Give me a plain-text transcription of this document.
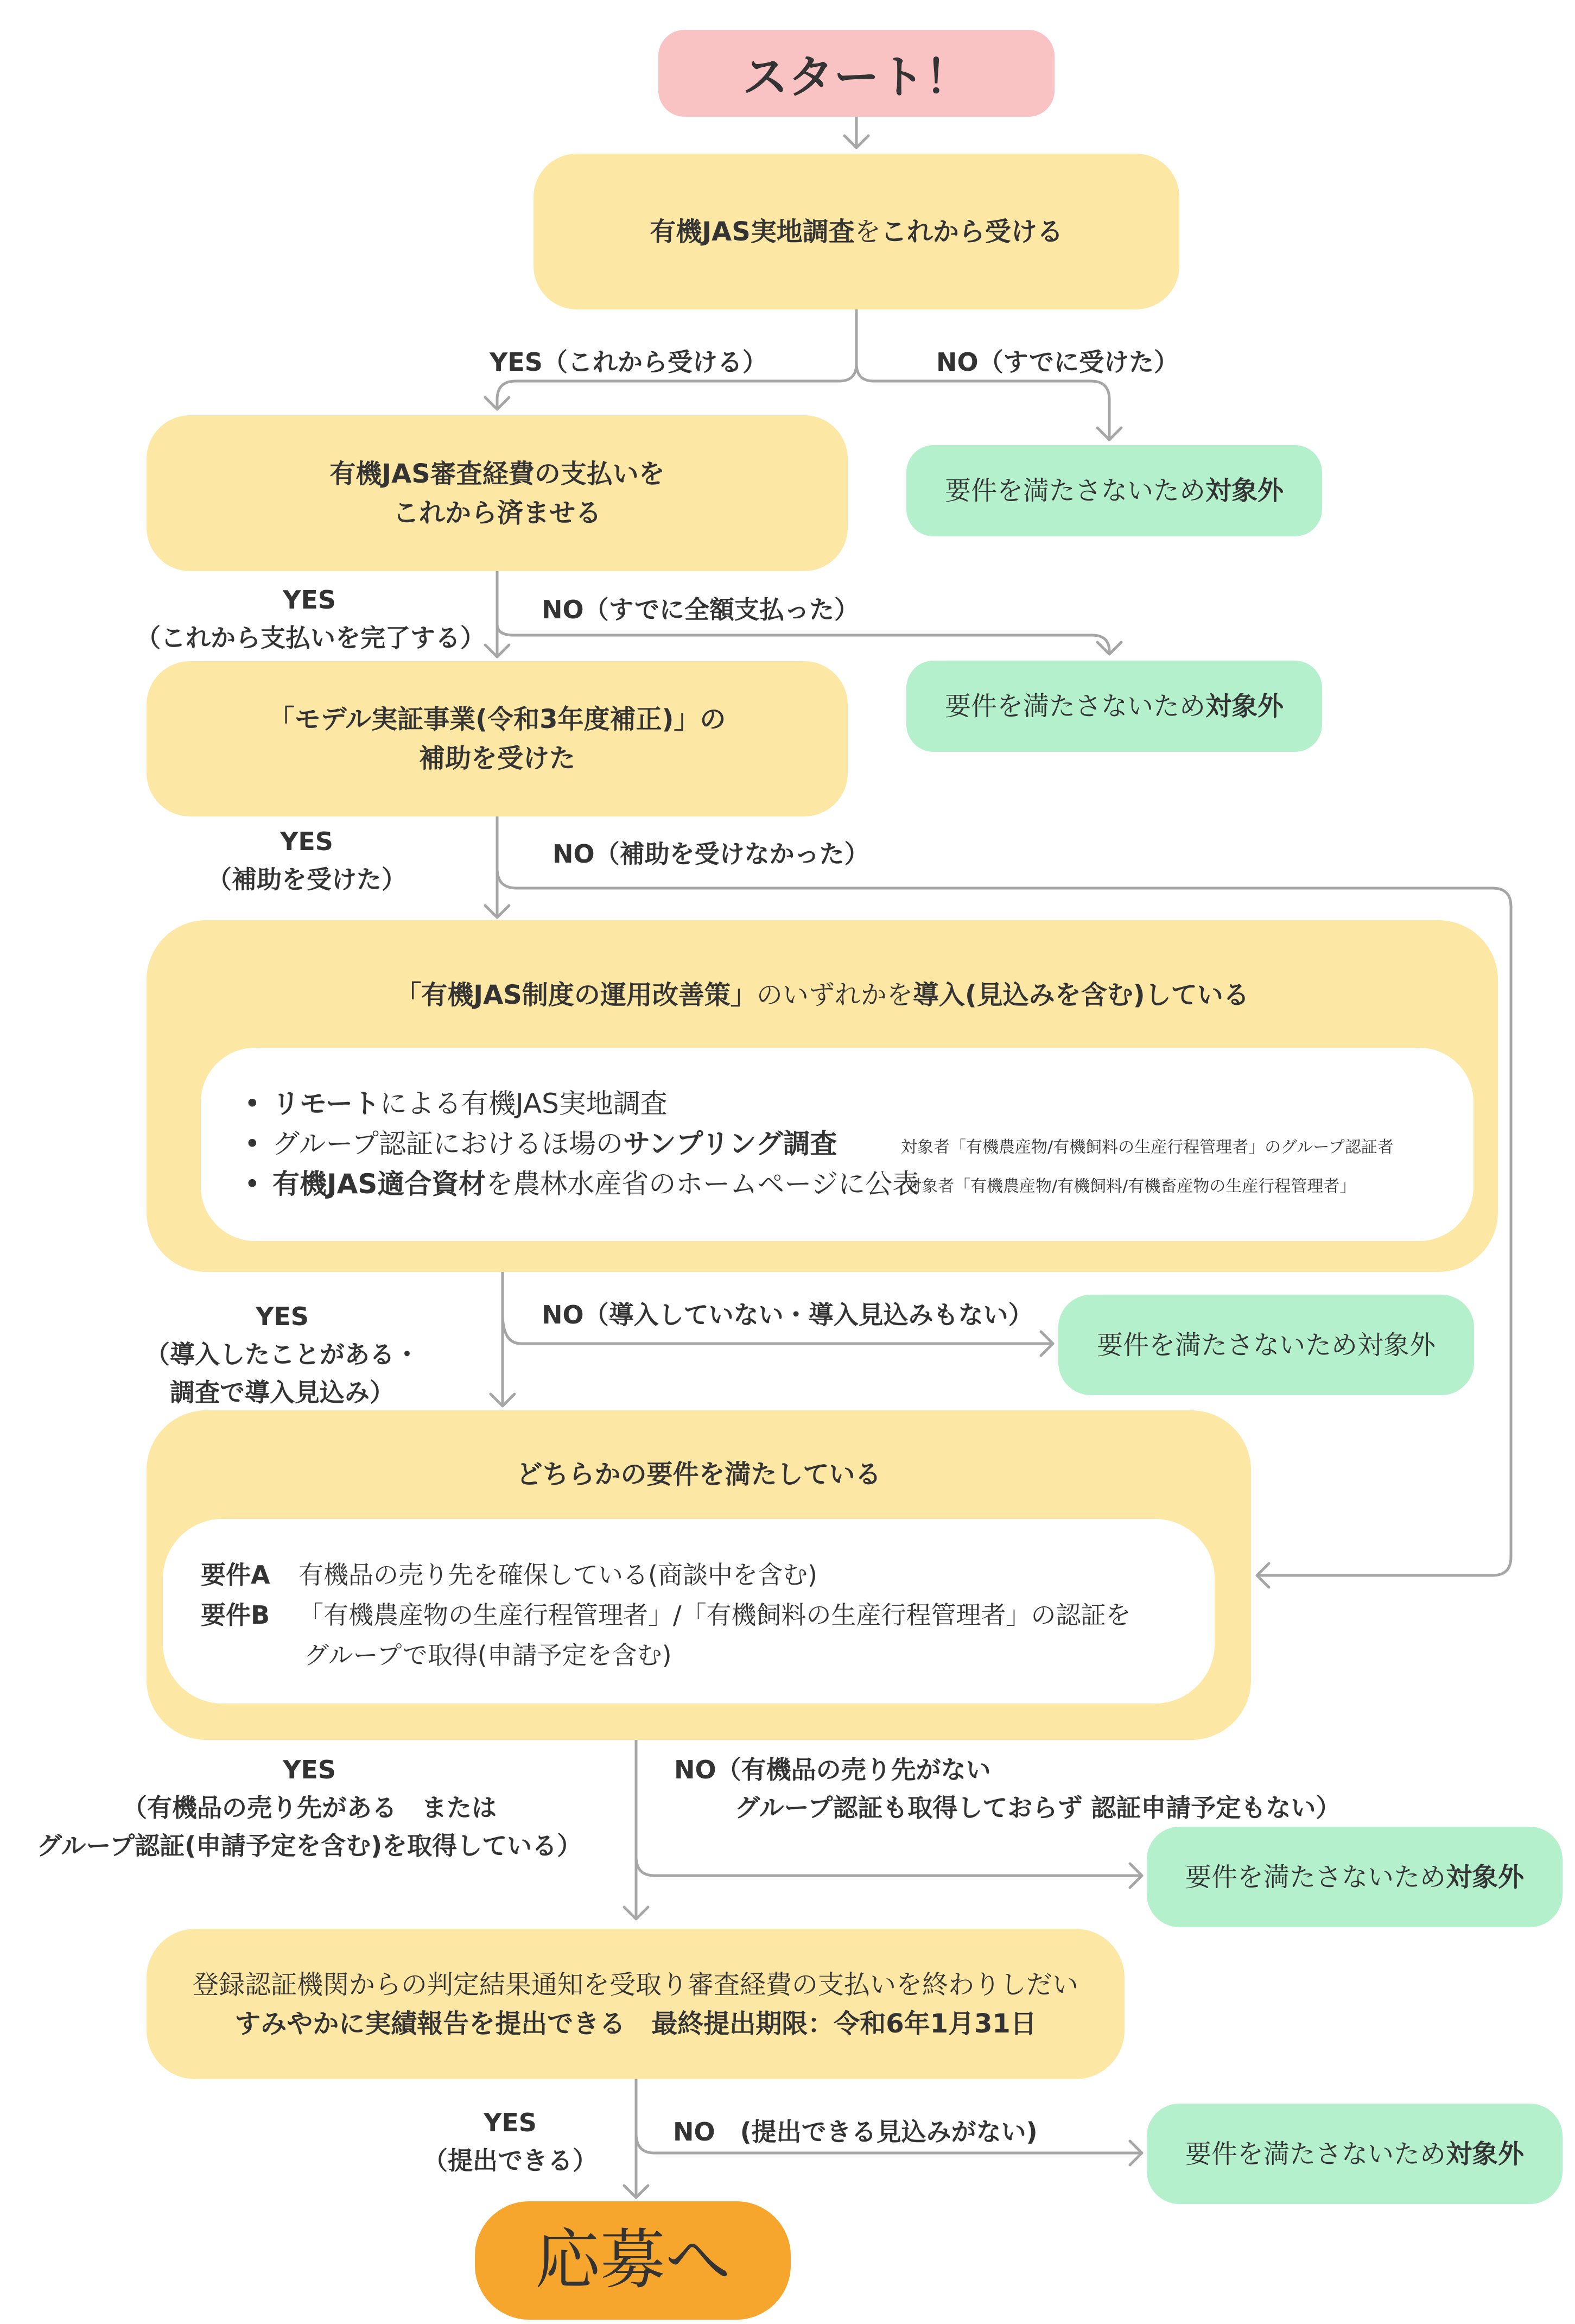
スタート！
有機JAS実地調査をこれから受ける
YES（これから受ける）	NO（すでに受けた）
有機JAS審査経費の支払いを
これから済ませる
要件を満たさないため対象外
YES
（これから支払いを完了する）
NO（すでに全額支払った）
「モデル実証事業(令和3年度補正)」の
補助を受けた
要件を満たさないため対象外
YES
（補助を受けた）
NO（補助を受けなかった）
「有機JAS制度の運用改善策」のいずれかを導入(見込みを含む)している
• リモートによる有機JAS実地調査
• グループ認証におけるほ場のサンプリング調査	対象者「有機農産物/有機飼料の生産行程管理者」のグループ認証者
• 有機JAS適合資材を農林水産省のホームページに公表
対象者「有機農産物/有機飼料/有機畜産物の生産行程管理者」
YES
（導入したことがある・
調査で導入見込み）
NO（導入していない・導入見込みもない）
要件を満たさないため対象外
どちらかの要件を満たしている
要件A 有機品の売り先を確保している(商談中を含む)
要件B 「有機農産物の生産行程管理者」/「有機飼料の生産行程管理者」の認証を
グループで取得(申請予定を含む)
YES
（有機品の売り先がある　または
グループ認証(申請予定を含む)を取得している）
NO（有機品の売り先がない
グループ認証も取得しておらず 認証申請予定もない）
要件を満たさないため対象外
登録認証機関からの判定結果通知を受取り審査経費の支払いを終わりしだい
すみやかに実績報告を提出できる　最終提出期限：令和6年1月31日
YES
（提出できる）
NO　(提出できる見込みがない)
要件を満たさないため対象外
応募へ
